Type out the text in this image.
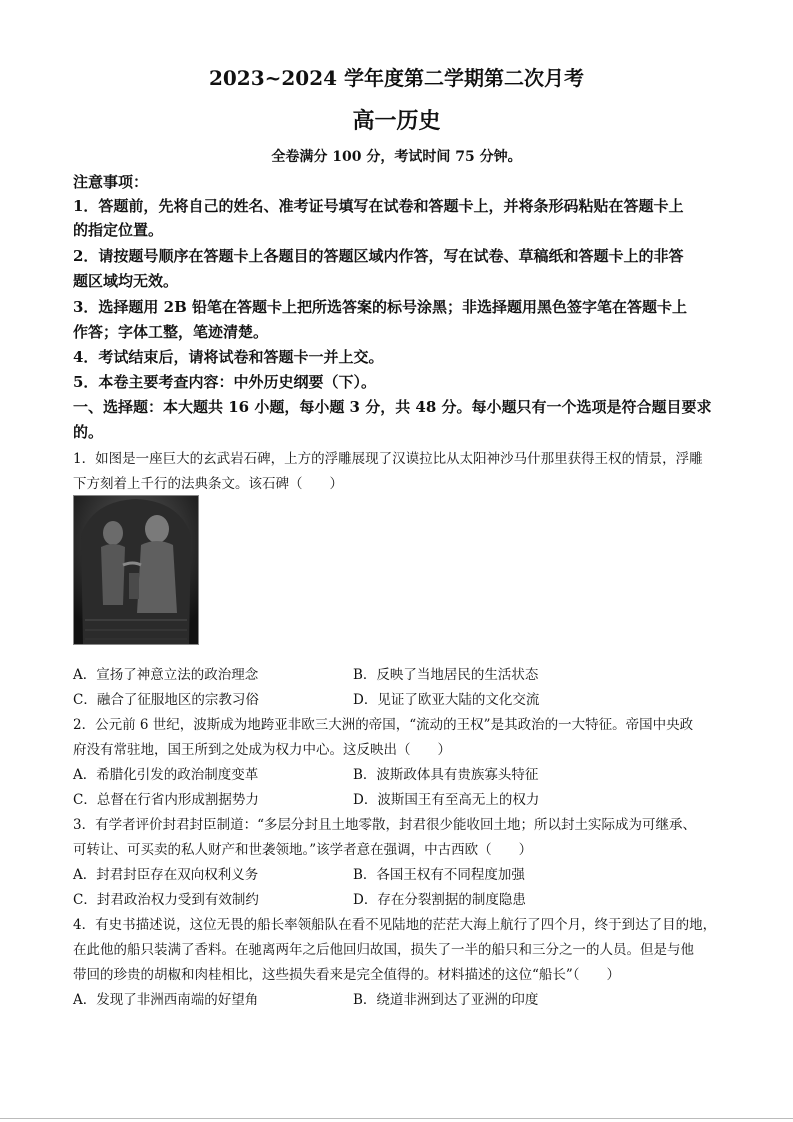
2023~2024 学年度第二学期第二次月考
高一历史
全卷满分 100 分，考试时间 75 分钟。
注意事项：
1．答题前，先将自己的姓名、准考证号填写在试卷和答题卡上，并将条形码粘贴在答题卡上
的指定位置。
2．请按题号顺序在答题卡上各题目的答题区域内作答，写在试卷、草稿纸和答题卡上的非答
题区域均无效。
3．选择题用 2B 铅笔在答题卡上把所选答案的标号涂黑；非选择题用黑色签字笔在答题卡上
作答；字体工整，笔迹清楚。
4．考试结束后，请将试卷和答题卡一并上交。
5．本卷主要考查内容：中外历史纲要（下）。
一、选择题：本大题共 16 小题，每小题 3 分，共 48 分。每小题只有一个选项是符合题目要求
的。
1．如图是一座巨大的玄武岩石碑，上方的浮雕展现了汉谟拉比从太阳神沙马什那里获得王权的情景，浮雕
下方刻着上千行的法典条文。该石碑（　　）
A．宣扬了神意立法的政治理念	B．反映了当地居民的生活状态
C．融合了征服地区的宗教习俗	D．见证了欧亚大陆的文化交流
2．公元前 6 世纪，波斯成为地跨亚非欧三大洲的帝国，“流动的王权”是其政治的一大特征。帝国中央政
府没有常驻地，国王所到之处成为权力中心。这反映出（　　）
A．希腊化引发的政治制度变革	B．波斯政体具有贵族寡头特征
C．总督在行省内形成割据势力	D．波斯国王有至高无上的权力
3．有学者评价封君封臣制道：“多层分封且土地零散，封君很少能收回土地；所以封土实际成为可继承、
可转让、可买卖的私人财产和世袭领地。”该学者意在强调，中古西欧（　　）
A．封君封臣存在双向权利义务	B．各国王权有不同程度加强
C．封君政治权力受到有效制约	D．存在分裂割据的制度隐患
4．有史书描述说，这位无畏的船长率领船队在看不见陆地的茫茫大海上航行了四个月，终于到达了目的地，
在此他的船只装满了香料。在驰离两年之后他回归故国，损失了一半的船只和三分之一的人员。但是与他
带回的珍贵的胡椒和肉桂相比，这些损失看来是完全值得的。材料描述的这位“船长”（　　）
A．发现了非洲西南端的好望角	B．绕道非洲到达了亚洲的印度
